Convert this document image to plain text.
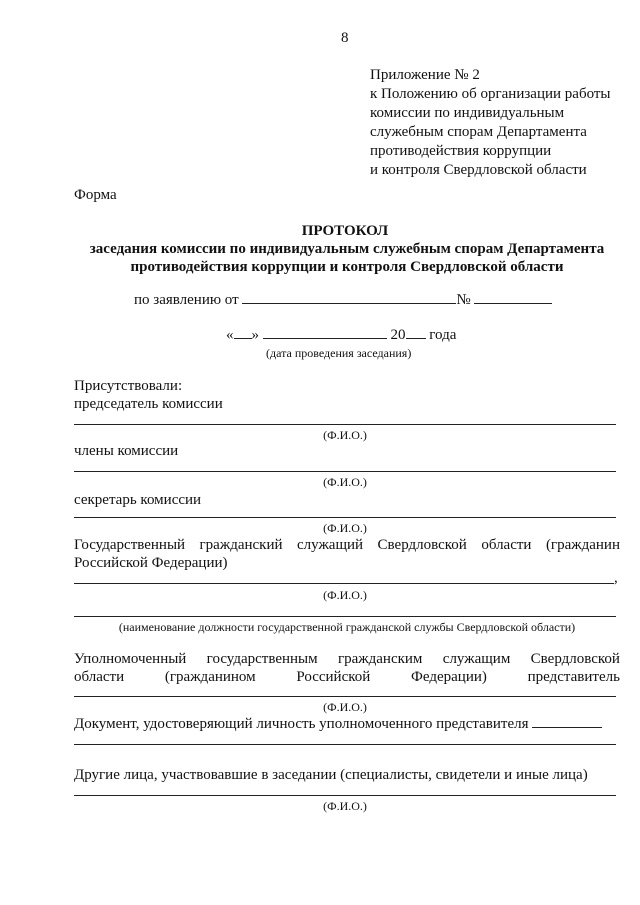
8
Приложение № 2
к Положению об организации работы
комиссии по индивидуальным
служебным спорам Департамента
противодействия коррупции
и контроля Свердловской области
Форма
ПРОТОКОЛ
заседания комиссии по индивидуальным служебным спорам Департамента
противодействия коррупции и контроля Свердловской области
по заявлению от	№
« »	20 года
(дата проведения заседания)
Присутствовали:
председатель комиссии
(Ф.И.О.)
члены комиссии
(Ф.И.О.)
секретарь комиссии
(Ф.И.О.)
Государственный гражданский служащий Свердловской области (гражданин
Российской Федерации)
,
(Ф.И.О.)
(наименование должности государственной гражданской службы Свердловской области)
Уполномоченный государственным гражданским служащим Свердловской
области	(гражданином	Российской	Федерации)	представитель
(Ф.И.О.)
Документ, удостоверяющий личность уполномоченного представителя
Другие лица, участвовавшие в заседании (специалисты, свидетели и иные лица)
(Ф.И.О.)
